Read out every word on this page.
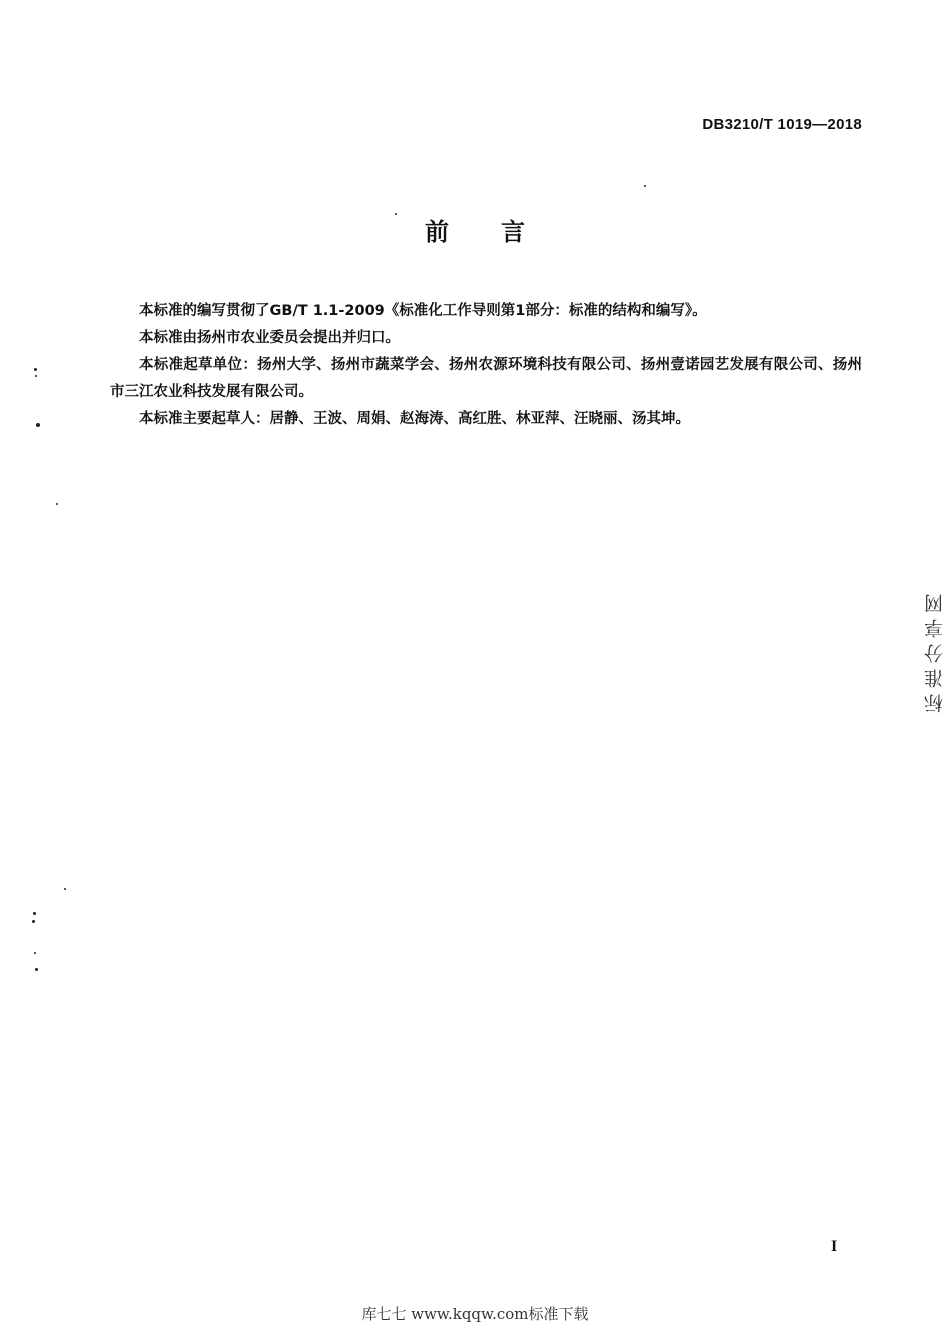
DB3210/T 1019—2018
前言

本标准的编写贯彻了GB/T 1.1-2009《标准化工作导则第1部分：标准的结构和编写》。

本标准由扬州市农业委员会提出并归口。

本标准起草单位：扬州大学、扬州市蔬菜学会、扬州农源环境科技有限公司、扬州壹诺园艺发展有限公司、扬州市三江农业科技发展有限公司。

本标准主要起草人：居静、王波、周娟、赵海涛、高红胜、林亚萍、汪晓丽、汤其坤。

I
库七七 www.kqqw.com标准下载
标准分享网
